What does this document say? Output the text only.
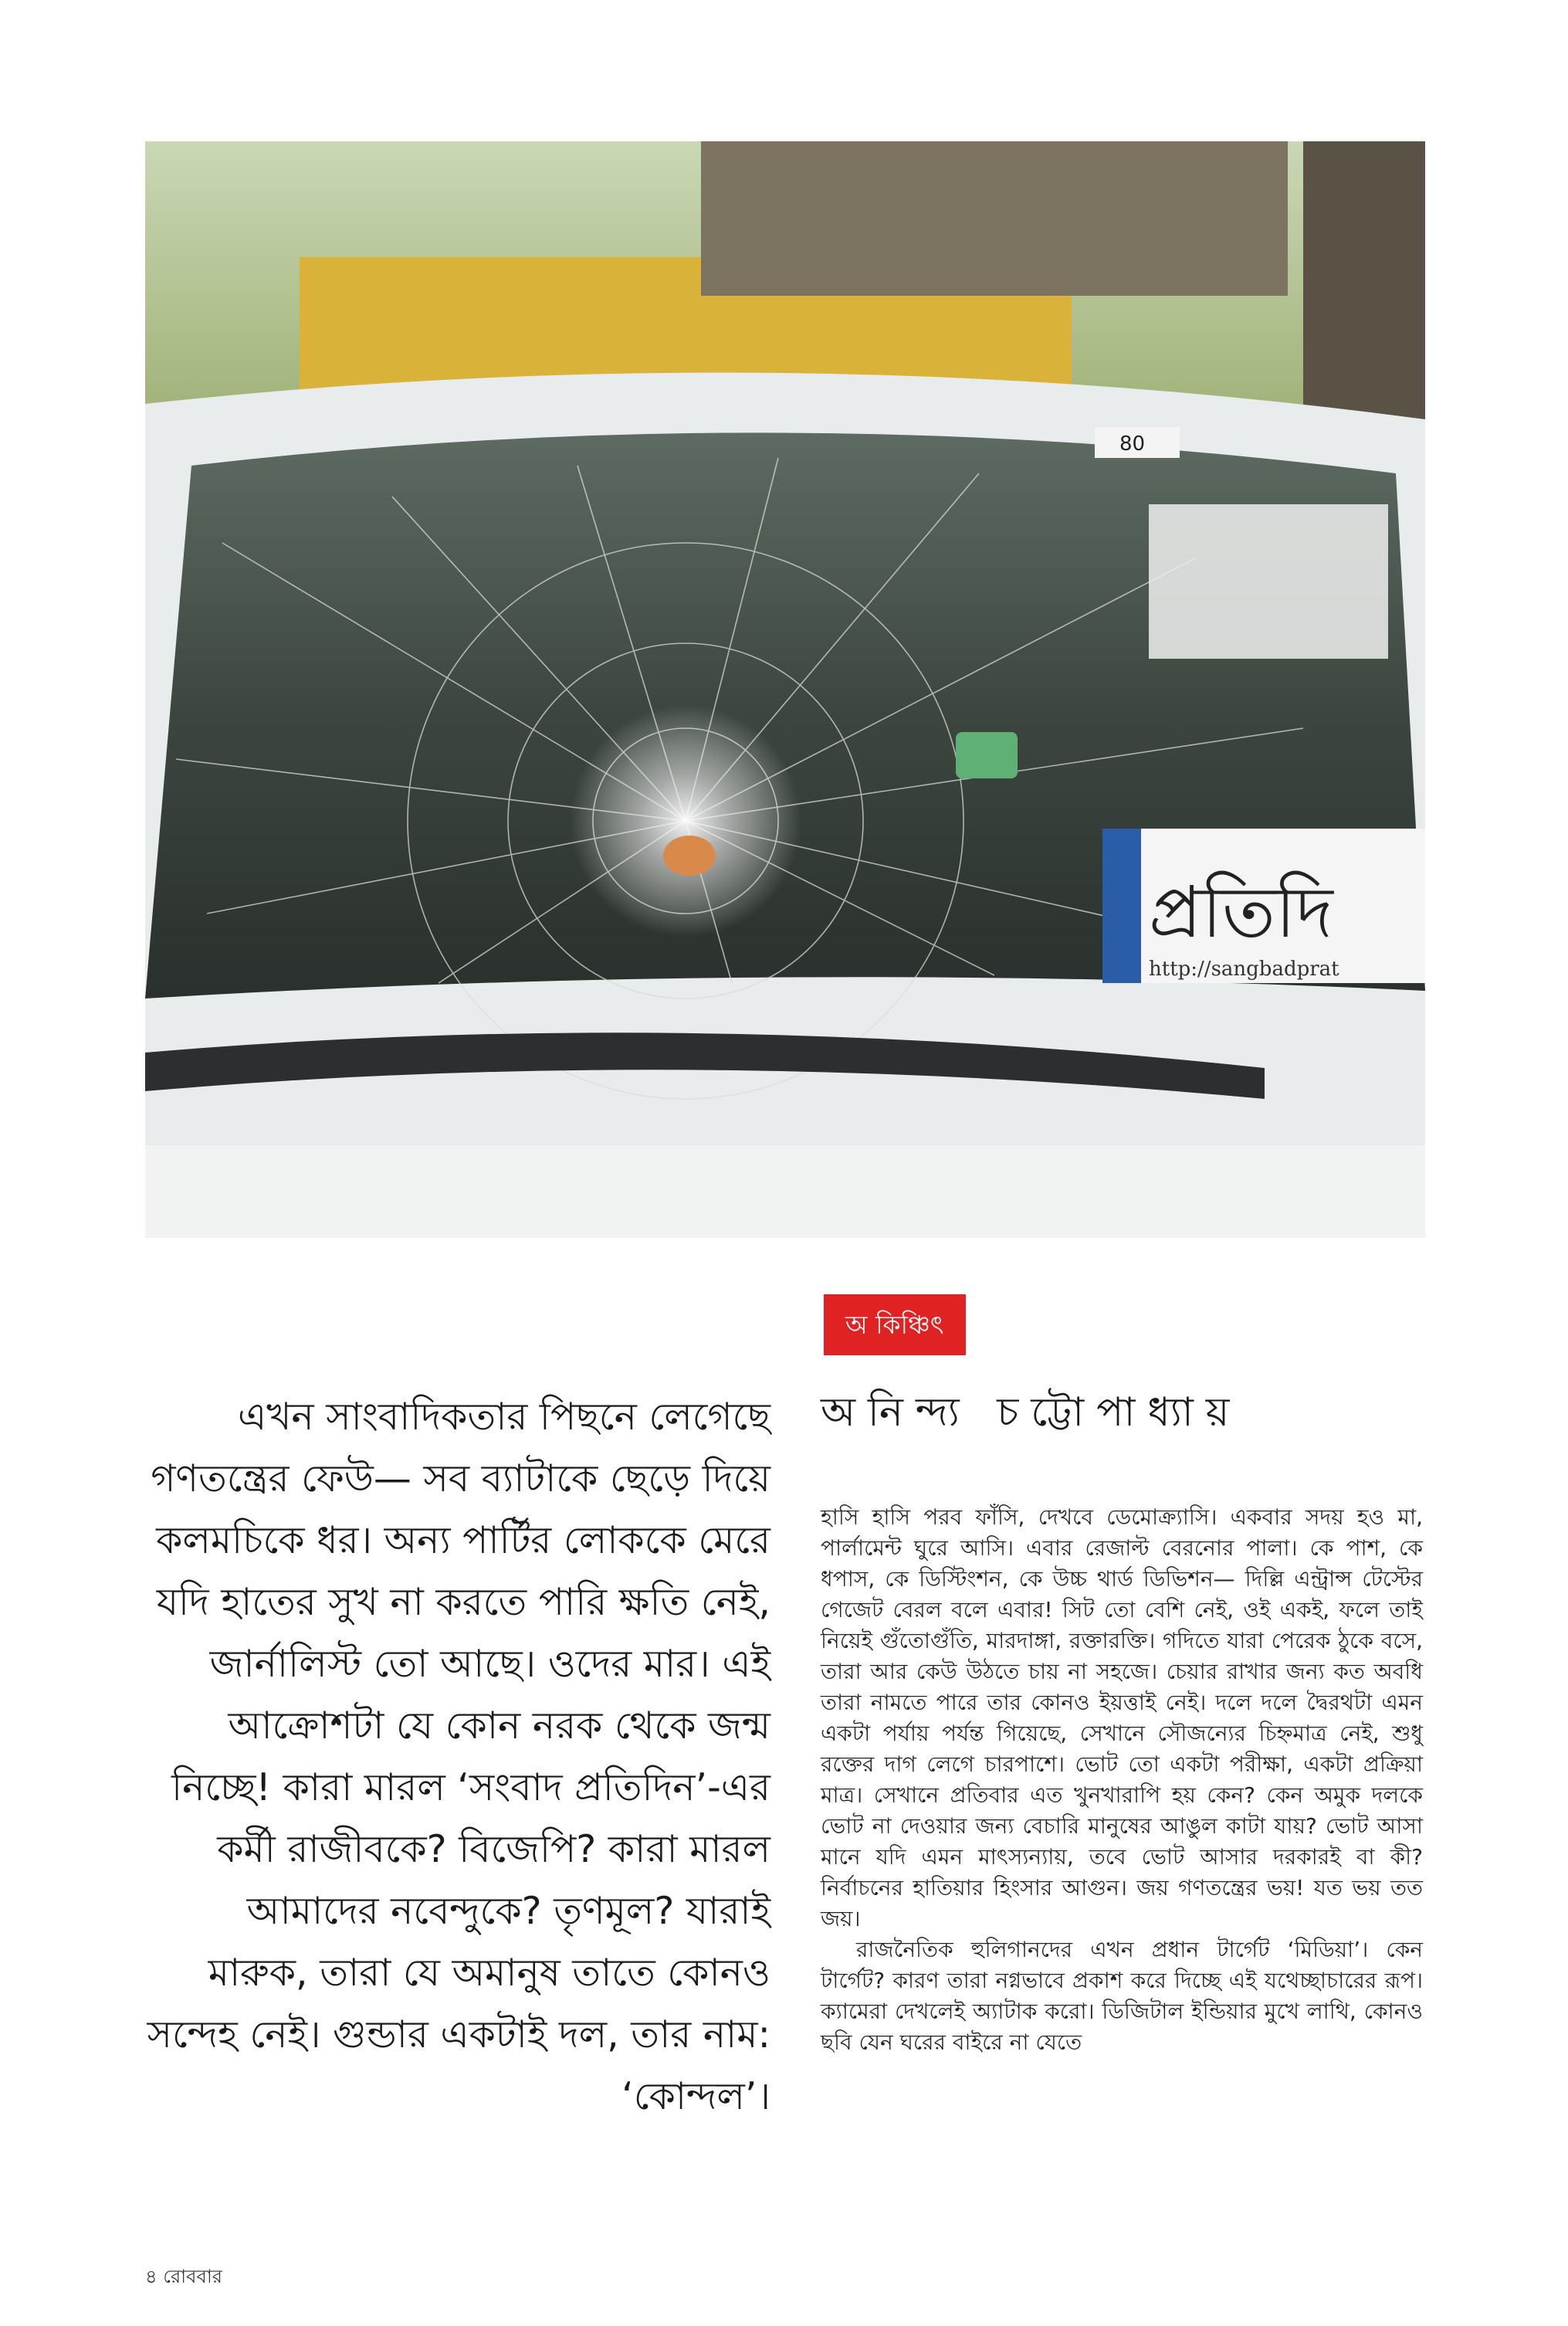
প্রতিদি
http://sangbadprat
80
অ কিঞ্চিৎ
অনিন্দ্য চট্টোপাধ্যায়
এখন সাংবাদিকতার পিছনে লেগেছে গণতন্ত্রের ফেউ— সব ব্যাটাকে ছেড়ে দিয়ে কলমচিকে ধর। অন্য পার্টির লোককে মেরে যদি হাতের সুখ না করতে পারি ক্ষতি নেই, জার্নালিস্ট তো আছে। ওদের মার। এই আক্রোশটা যে কোন নরক থেকে জন্ম নিচ্ছে! কারা মারল ‘সংবাদ প্রতিদিন’-এর কর্মী রাজীবকে? বিজেপি? কারা মারল আমাদের নবেন্দুকে? তৃণমূল? যারাই মারুক, তারা যে অমানুষ তাতে কোনও সন্দেহ নেই। গুন্ডার একটাই দল, তার নাম: ‘কোন্দল’।

হাসি হাসি পরব ফাঁসি, দেখবে ডেমোক্র্যাসি। একবার সদয় হও মা, পার্লামেন্ট ঘুরে আসি। এবার রেজাল্ট বেরনোর পালা। কে পাশ, কে ধপাস, কে ডিস্টিংশন, কে উচ্চ থার্ড ডিভিশন— দিল্লি এন্ট্রান্স টেস্টের গেজেট বেরল বলে এবার! সিট তো বেশি নেই, ওই একই, ফলে তাই নিয়েই গুঁতোগুঁতি, মারদাঙ্গা, রক্তারক্তি। গদিতে যারা পেরেক ঠুকে বসে, তারা আর কেউ উঠতে চায় না সহজে। চেয়ার রাখার জন্য কত অবধি তারা নামতে পারে তার কোনও ইয়ত্তাই নেই। দলে দলে দ্বৈরথটা এমন একটা পর্যায় পর্যন্ত গিয়েছে, সেখানে সৌজন্যের চিহ্নমাত্র নেই, শুধু রক্তের দাগ লেগে চারপাশে। ভোট তো একটা পরীক্ষা, একটা প্রক্রিয়া মাত্র। সেখানে প্রতিবার এত খুনখারাপি হয় কেন? কেন অমুক দলকে ভোট না দেওয়ার জন্য বেচারি মানুষের আঙুল কাটা যায়? ভোট আসা মানে যদি এমন মাৎস্যন্যায়, তবে ভোট আসার দরকারই বা কী? নির্বাচনের হাতিয়ার হিংসার আগুন। জয় গণতন্ত্রের ভয়! যত ভয় তত জয়।

রাজনৈতিক হুলিগানদের এখন প্রধান টার্গেট ‘মিডিয়া’। কেন টার্গেট? কারণ তারা নগ্নভাবে প্রকাশ করে দিচ্ছে এই যথেচ্ছাচারের রূপ। ক্যামেরা দেখলেই অ্যাটাক করো। ডিজিটাল ইন্ডিয়ার মুখে লাথি, কোনও ছবি যেন ঘরের বাইরে না যেতে

৪ রোববার
